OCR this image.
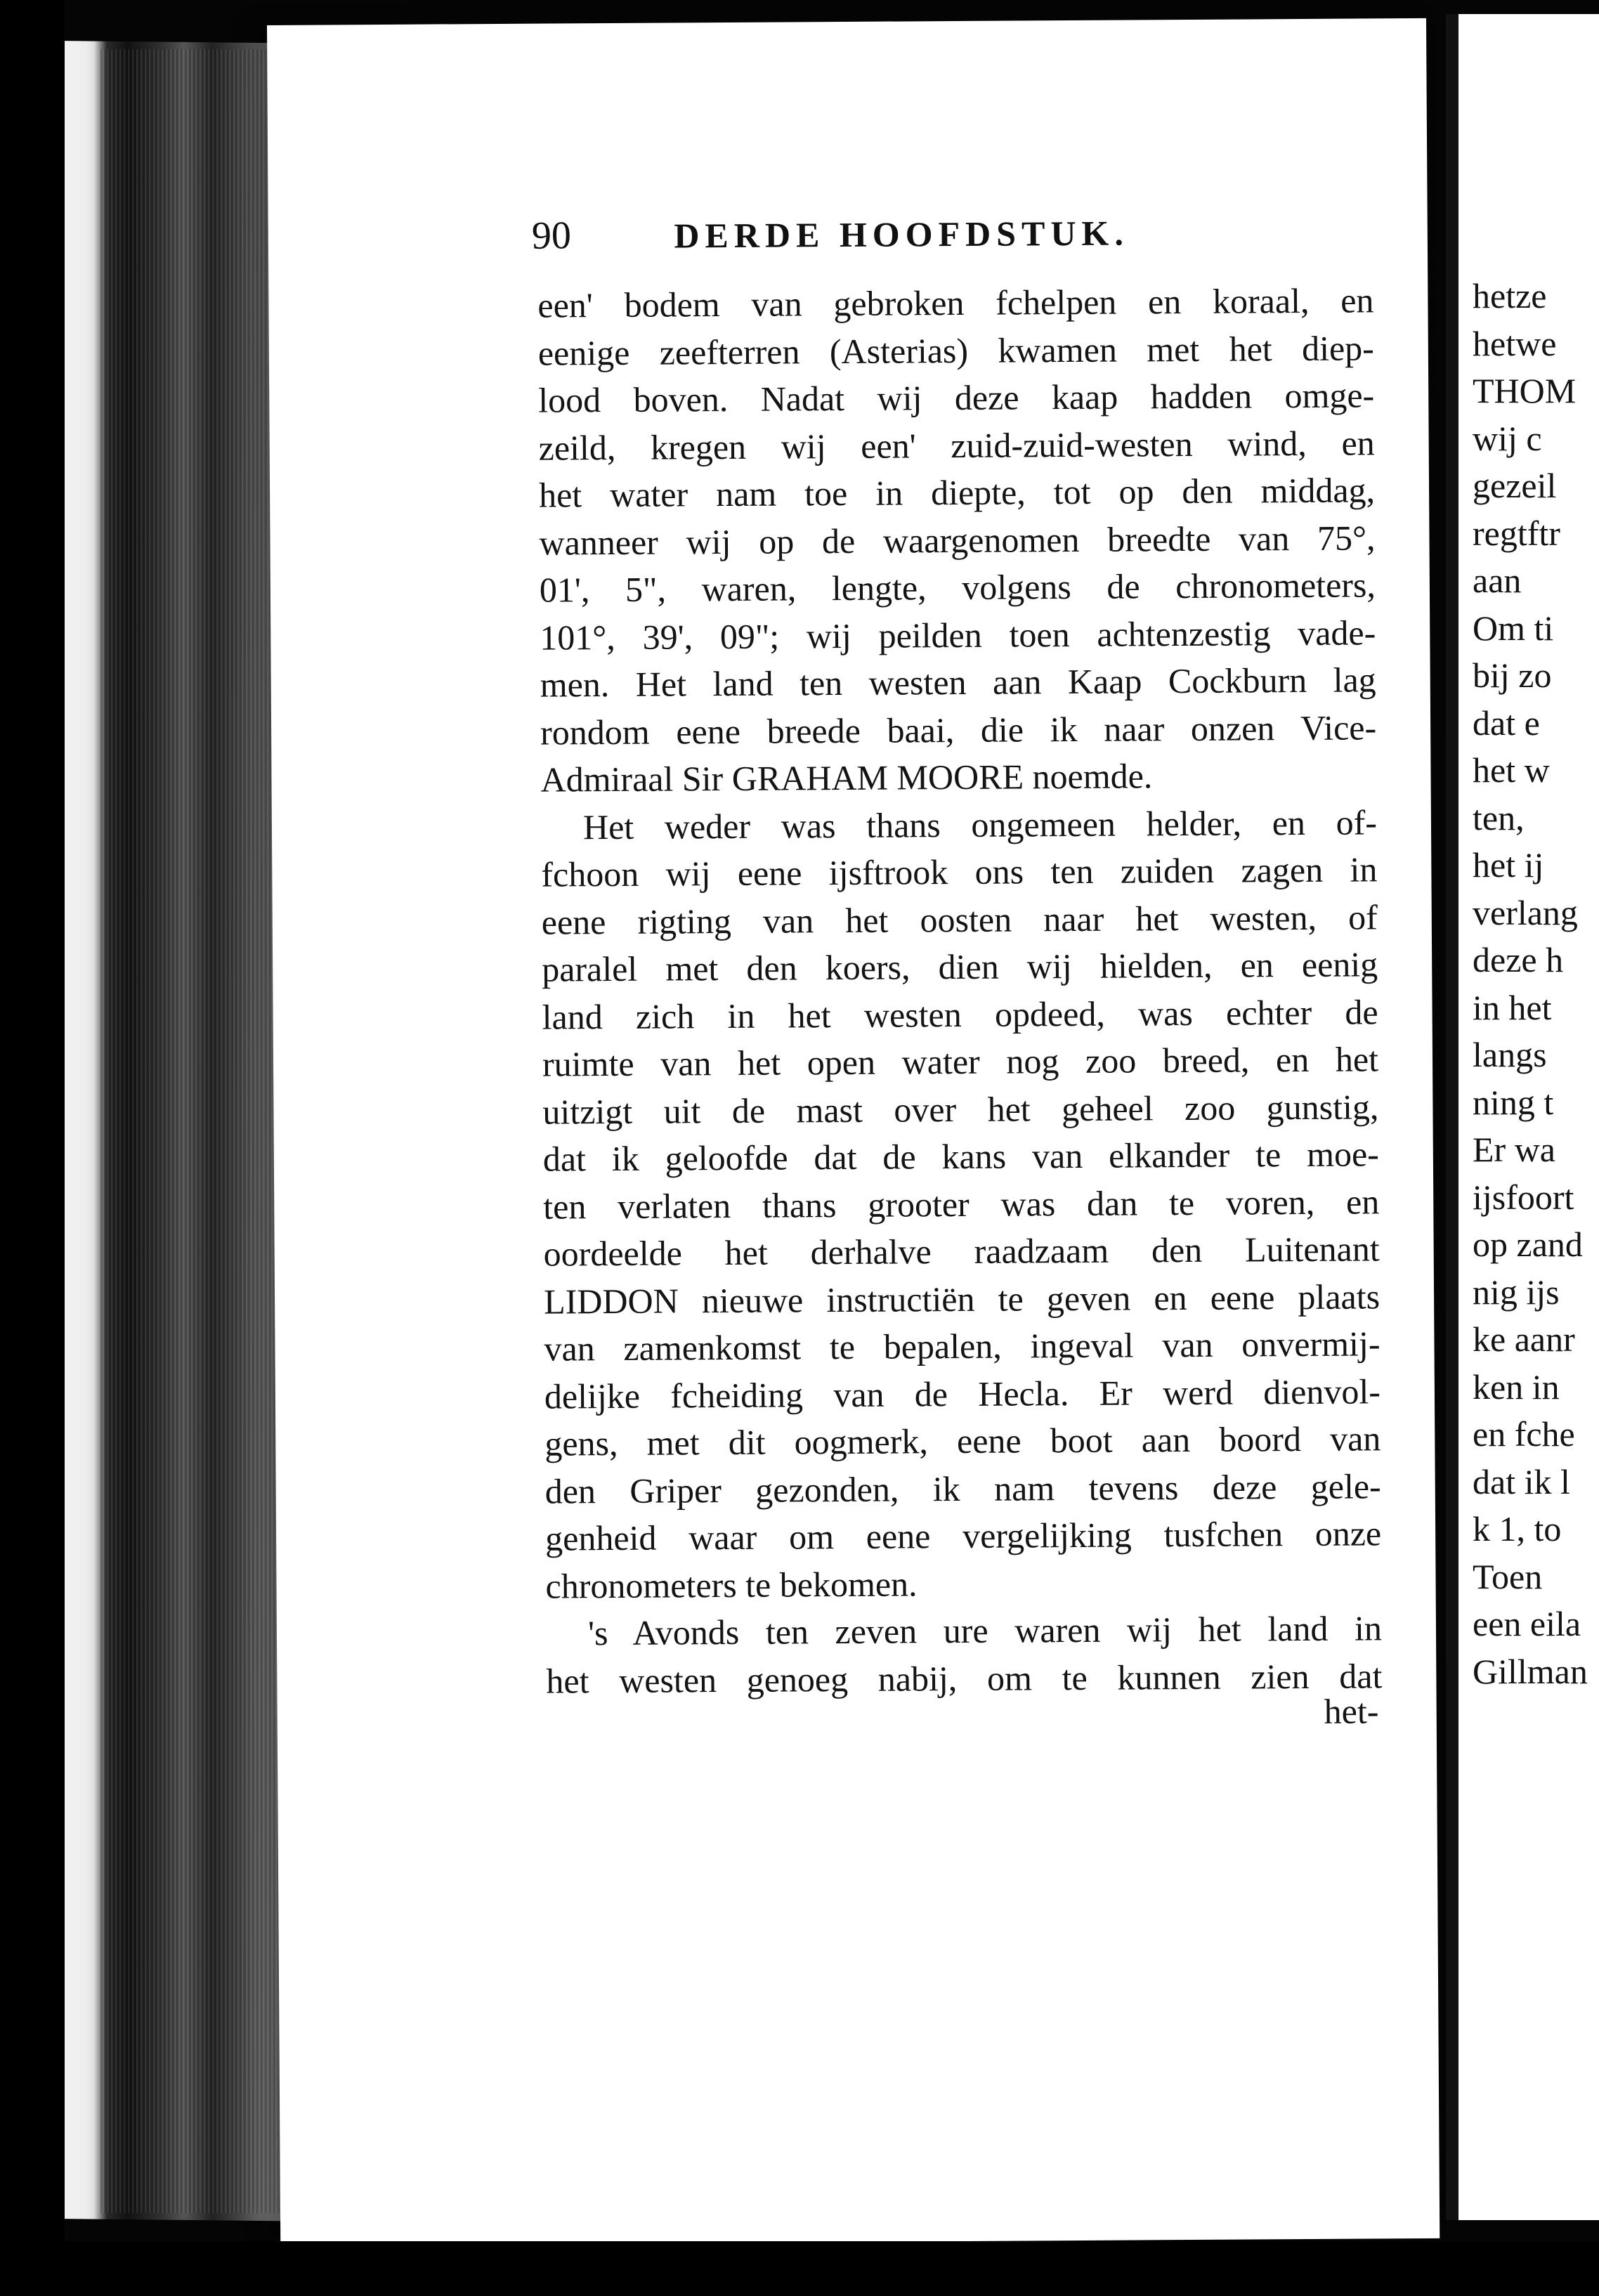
90	DERDE HOOFDSTUK.
een' bodem van gebroken fchelpen en koraal, en
eenige zeefterren (Asterias) kwamen met het diep-
lood boven. Nadat wij deze kaap hadden omge-
zeild, kregen wij een' zuid-zuid-westen wind, en
het water nam toe in diepte, tot op den middag,
wanneer wij op de waargenomen breedte van 75°,
01', 5", waren, lengte, volgens de chronometers,
101°, 39', 09"; wij peilden toen achtenzestig vade-
men. Het land ten westen aan Kaap Cockburn lag
rondom eene breede baai, die ik naar onzen Vice-
Admiraal Sir GRAHAM MOORE noemde.
Het weder was thans ongemeen helder, en of-
fchoon wij eene ijsftrook ons ten zuiden zagen in
eene rigting van het oosten naar het westen, of
paralel met den koers, dien wij hielden, en eenig
land zich in het westen opdeed, was echter de
ruimte van het open water nog zoo breed, en het
uitzigt uit de mast over het geheel zoo gunstig,
dat ik geloofde dat de kans van elkander te moe-
ten verlaten thans grooter was dan te voren, en
oordeelde het derhalve raadzaam den Luitenant
LIDDON nieuwe instructiën te geven en eene plaats
van zamenkomst te bepalen, ingeval van onvermij-
delijke fcheiding van de Hecla. Er werd dienvol-
gens, met dit oogmerk, eene boot aan boord van
den Griper gezonden, ik nam tevens deze gele-
genheid waar om eene vergelijking tusfchen onze
chronometers te bekomen.
's Avonds ten zeven ure waren wij het land in
het westen genoeg nabij, om te kunnen zien dat
het-
hetze
hetwe
THOM
wij c
gezeil
regtftr
aan
Om ti
bij zo
dat e
het w
ten,
het ij
verlang
deze h
in het
langs
ning t
Er wa
ijsfoort
op zand
nig ijs
ke aanr
ken in
en fche
dat ik l
k 1, to
Toen
een eila
Gillman
